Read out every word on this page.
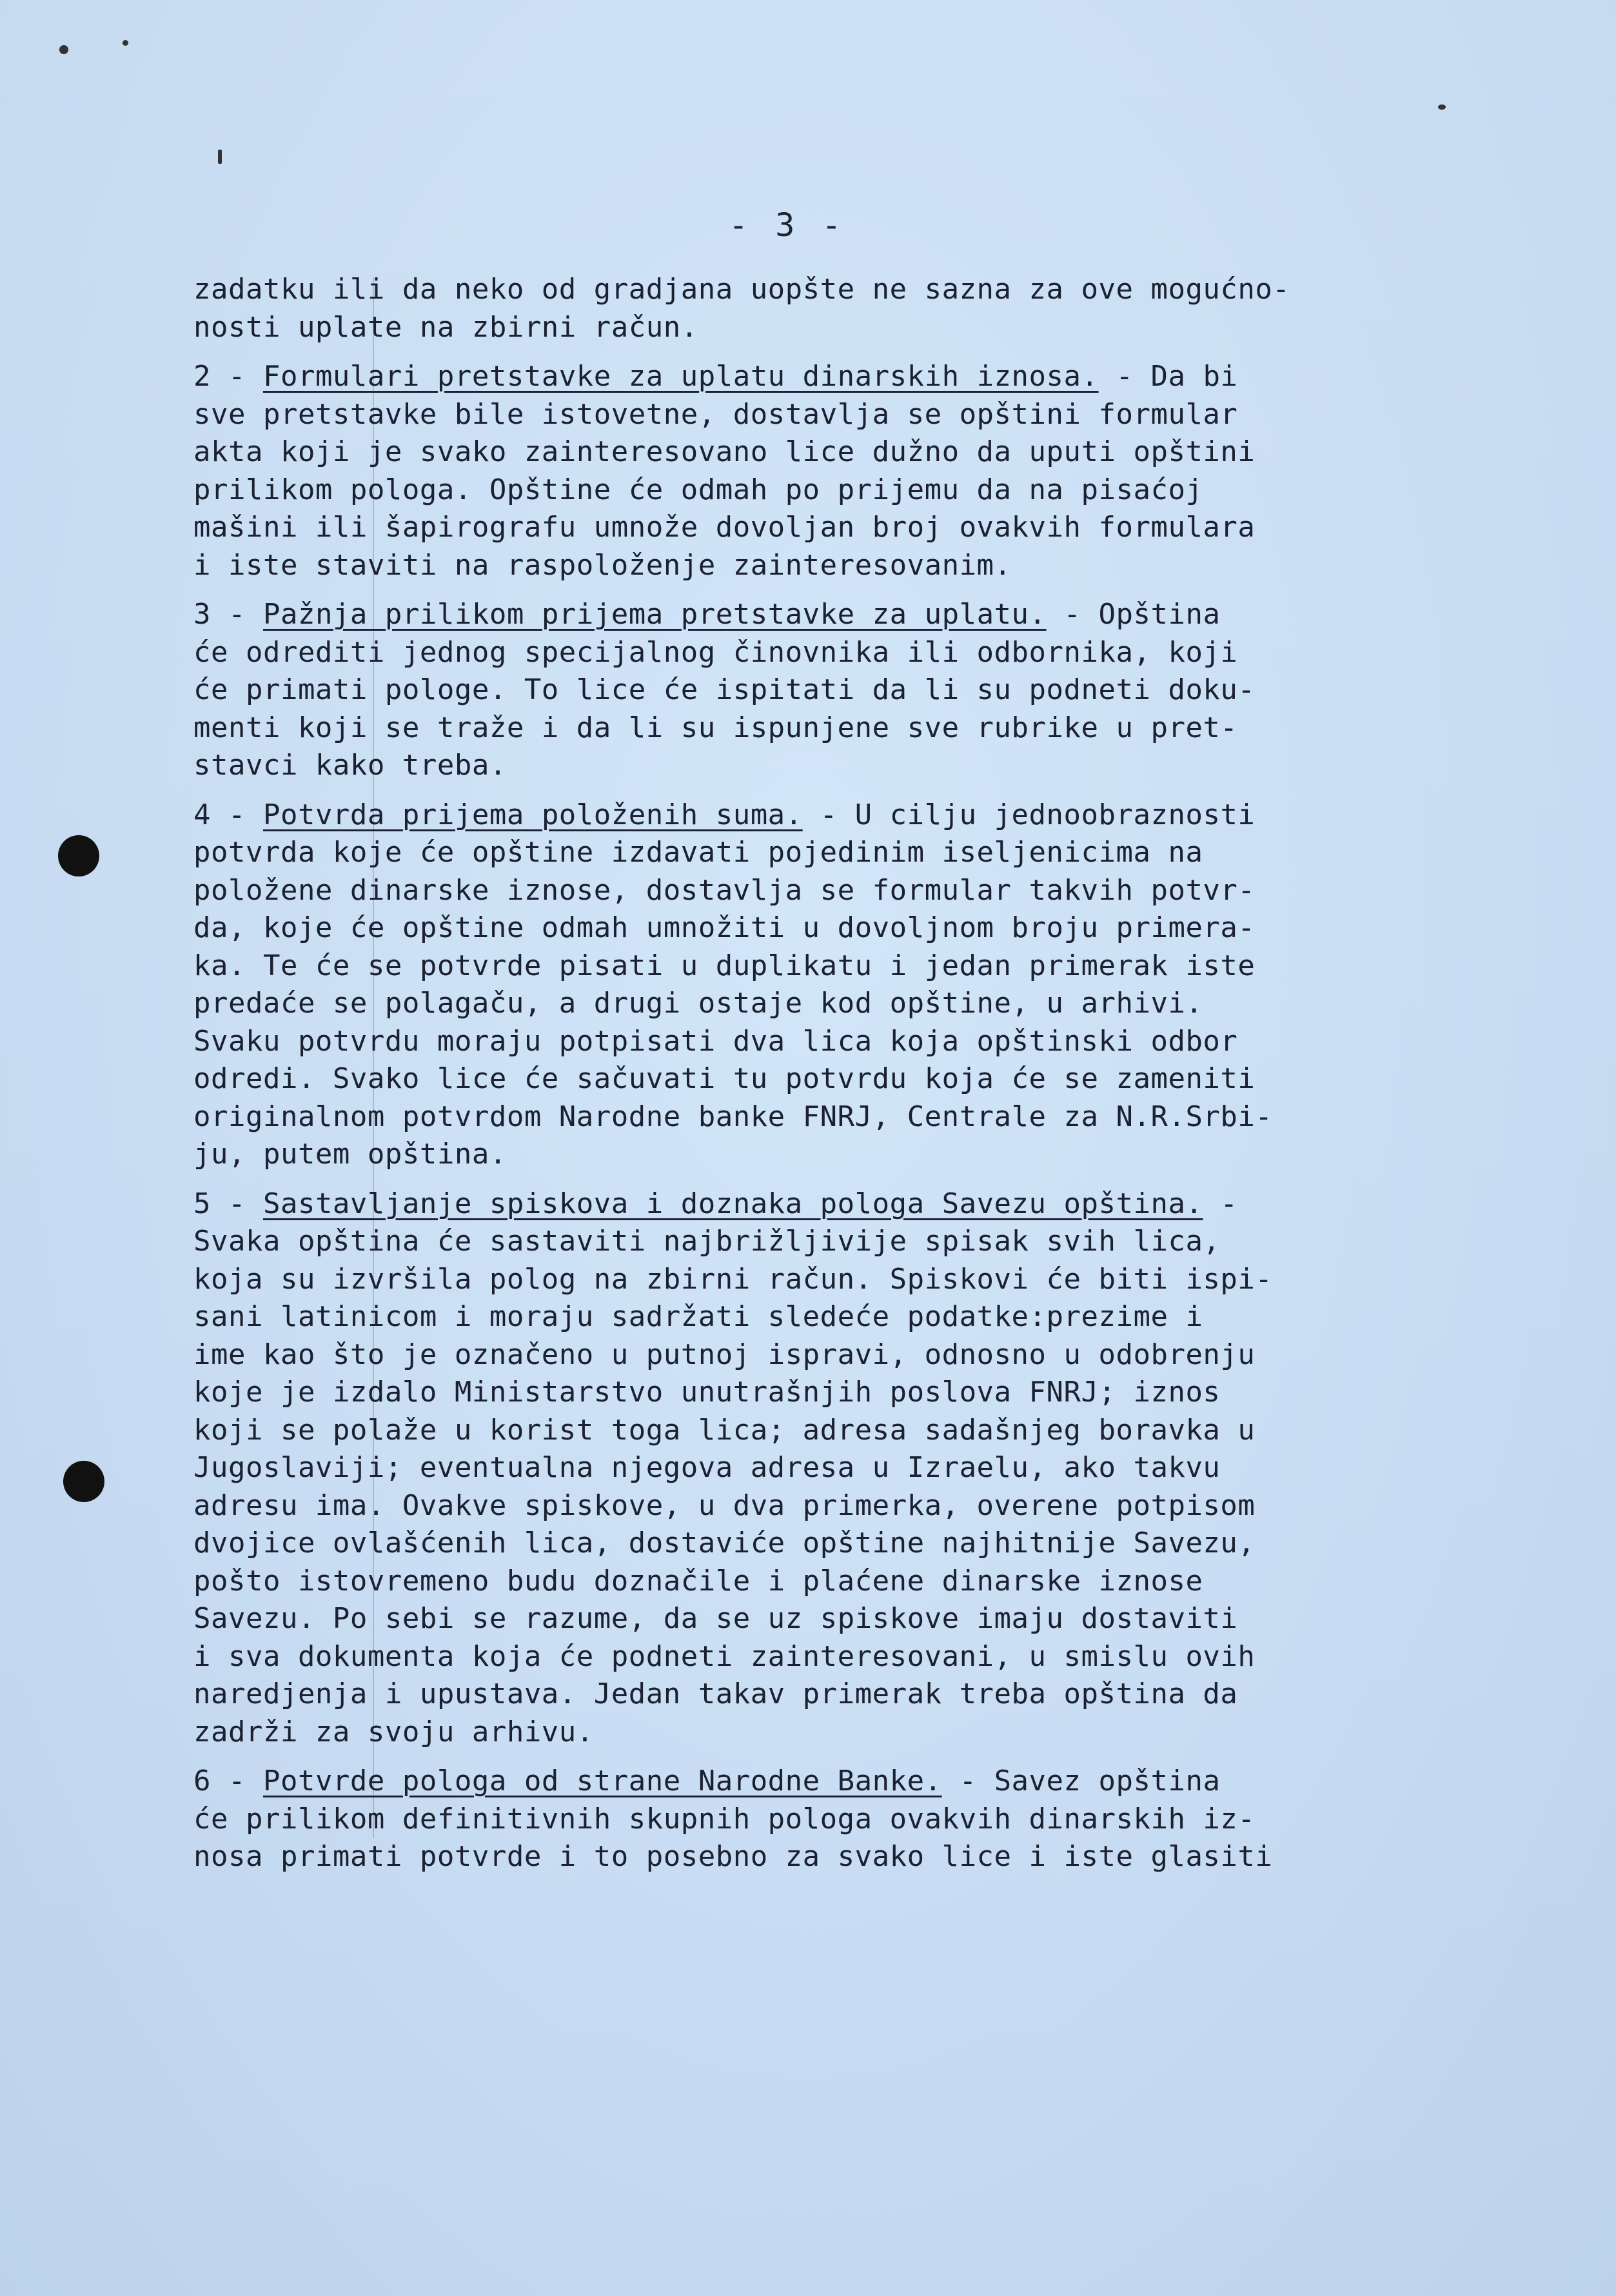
- 3 -
zadatku ili da neko od gradjana uopšte ne sazna za ove mogućno-
nosti uplate na zbirni račun.
2 - Formulari pretstavke za uplatu dinarskih iznosa. - Da bi
sve pretstavke bile istovetne, dostavlja se opštini formular
akta koji je svako zainteresovano lice dužno da uputi opštini
prilikom pologa. Opštine će odmah po prijemu da na pisaćoj
mašini ili šapirografu umnože dovoljan broj ovakvih formulara
i iste staviti na raspoloženje zainteresovanim.
3 - Pažnja prilikom prijema pretstavke za uplatu. - Opština
će odrediti jednog specijalnog činovnika ili odbornika, koji
će primati pologe. To lice će ispitati da li su podneti doku-
menti koji se traže i da li su ispunjene sve rubrike u pret-
stavci kako treba.
4 - Potvrda prijema položenih suma. - U cilju jednoobraznosti
potvrda koje će opštine izdavati pojedinim iseljenicima na
položene dinarske iznose, dostavlja se formular takvih potvr-
da, koje će opštine odmah umnožiti u dovoljnom broju primera-
ka. Te će se potvrde pisati u duplikatu i jedan primerak iste
predaće se polagaču, a drugi ostaje kod opštine, u arhivi.
Svaku potvrdu moraju potpisati dva lica koja opštinski odbor
odredi. Svako lice će sačuvati tu potvrdu koja će se zameniti
originalnom potvrdom Narodne banke FNRJ, Centrale za N.R.Srbi-
ju, putem opština.
5 - Sastavljanje spiskova i doznaka pologa Savezu opština. -
Svaka opština će sastaviti najbrižljivije spisak svih lica,
koja su izvršila polog na zbirni račun. Spiskovi će biti ispi-
sani latinicom i moraju sadržati sledeće podatke:prezime i
ime kao što je označeno u putnoj ispravi, odnosno u odobrenju
koje je izdalo Ministarstvo unutrašnjih poslova FNRJ; iznos
koji se polaže u korist toga lica; adresa sadašnjeg boravka u
Jugoslaviji; eventualna njegova adresa u Izraelu, ako takvu
adresu ima. Ovakve spiskove, u dva primerka, overene potpisom
dvojice ovlašćenih lica, dostaviće opštine najhitnije Savezu,
pošto istovremeno budu doznačile i plaćene dinarske iznose
Savezu. Po sebi se razume, da se uz spiskove imaju dostaviti
i sva dokumenta koja će podneti zainteresovani, u smislu ovih
naredjenja i upustava. Jedan takav primerak treba opština da
zadrži za svoju arhivu.
6 - Potvrde pologa od strane Narodne Banke. - Savez opština
će prilikom definitivnih skupnih pologa ovakvih dinarskih iz-
nosa primati potvrde i to posebno za svako lice i iste glasiti
